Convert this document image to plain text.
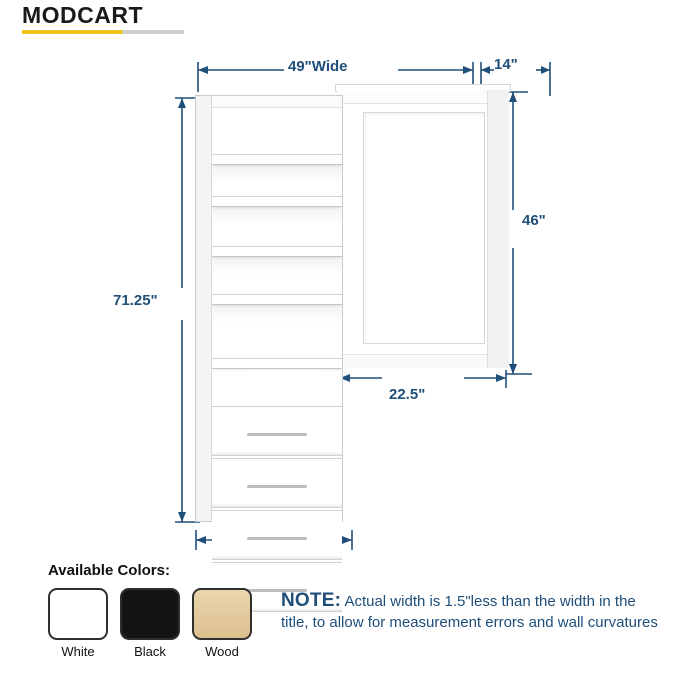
MODCART
49"Wide	14"
71.25"
46"
22.5"
Available Colors:
White	Black	Wood
NOTE: Actual width is 1.5"less than the width in the title, to allow for measurement errors and wall curvatures
